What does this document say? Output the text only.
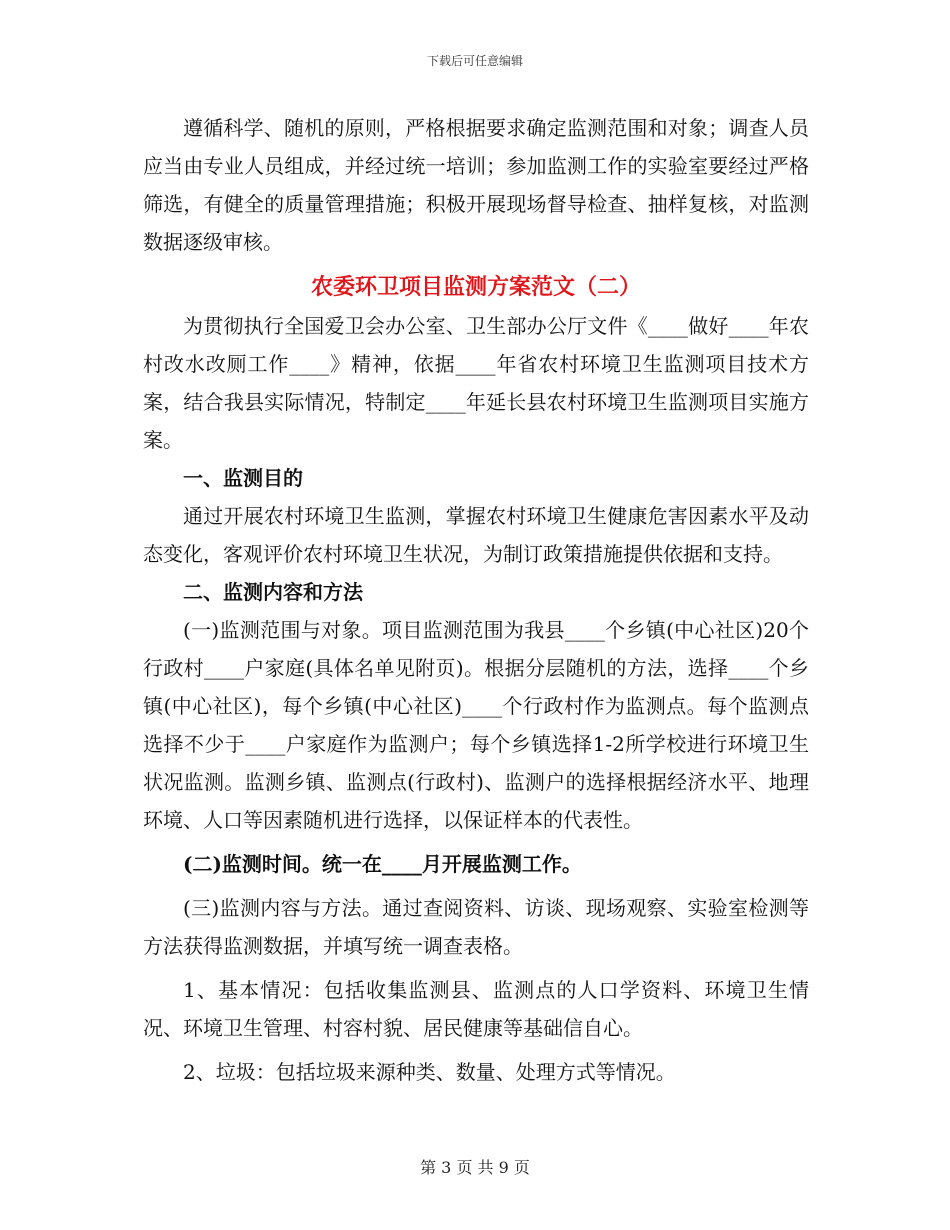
下载后可任意编辑

遵循科学、随机的原则，严格根据要求确定监测范围和对象；调查人员应当由专业人员组成，并经过统一培训；参加监测工作的实验室要经过严格筛选，有健全的质量管理措施；积极开展现场督导检查、抽样复核，对监测数据逐级审核。

农委环卫项目监测方案范文（二）

为贯彻执行全国爱卫会办公室、卫生部办公厅文件《____做好____年农村改水改厕工作____》精神，依据____年省农村环境卫生监测项目技术方案，结合我县实际情况，特制定____年延长县农村环境卫生监测项目实施方案。

一、监测目的

通过开展农村环境卫生监测，掌握农村环境卫生健康危害因素水平及动态变化，客观评价农村环境卫生状况，为制订政策措施提供依据和支持。

二、监测内容和方法

(一)监测范围与对象。项目监测范围为我县____个乡镇(中心社区)20个行政村____户家庭(具体名单见附页)。根据分层随机的方法，选择____个乡镇(中心社区)，每个乡镇(中心社区)____个行政村作为监测点。每个监测点选择不少于____户家庭作为监测户；每个乡镇选择1-2所学校进行环境卫生状况监测。监测乡镇、监测点(行政村)、监测户的选择根据经济水平、地理环境、人口等因素随机进行选择，以保证样本的代表性。

(二)监测时间。统一在____月开展监测工作。

(三)监测内容与方法。通过查阅资料、访谈、现场观察、实验室检测等方法获得监测数据，并填写统一调查表格。

1、基本情况：包括收集监测县、监测点的人口学资料、环境卫生情况、环境卫生管理、村容村貌、居民健康等基础信自心。

2、垃圾：包括垃圾来源种类、数量、处理方式等情况。

第 3 页 共 9 页
